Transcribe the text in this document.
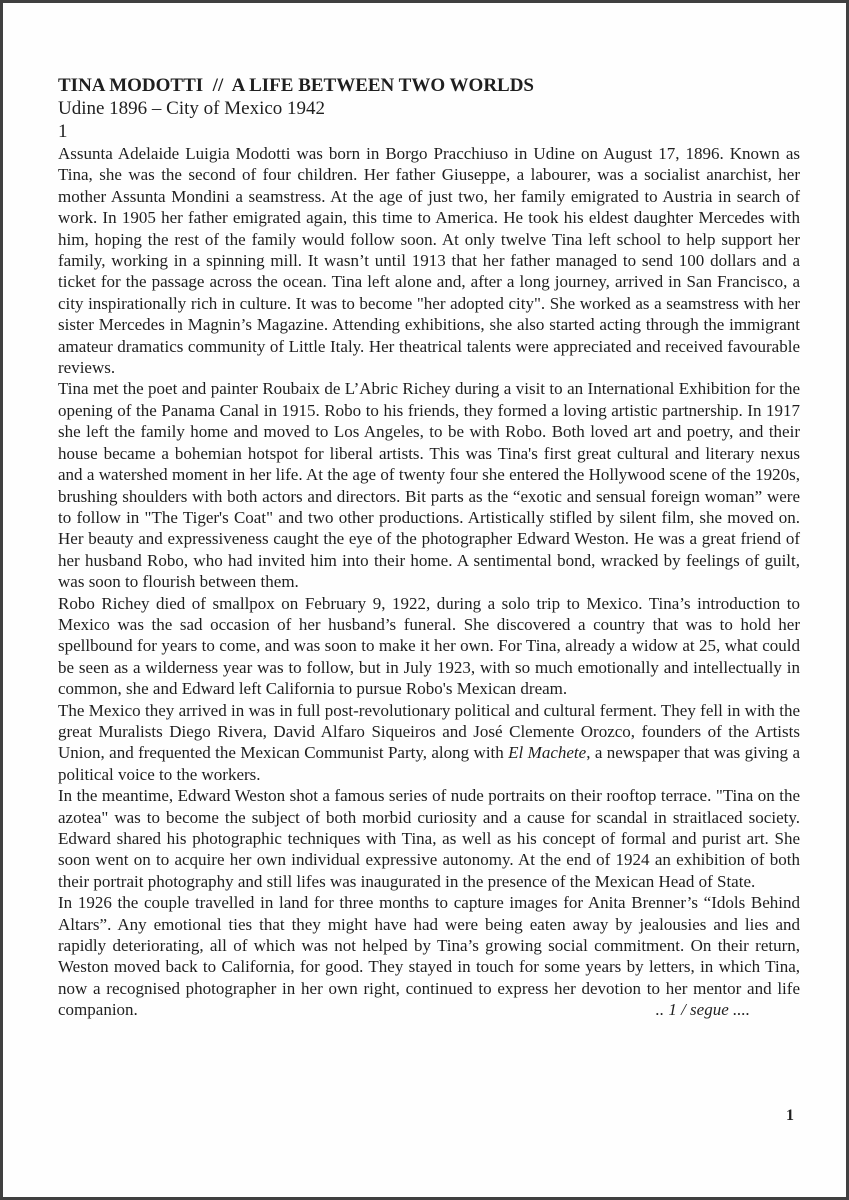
TINA MODOTTI  //  A LIFE BETWEEN TWO WORLDS
Udine 1896 – City of Mexico 1942
1

Assunta Adelaide Luigia Modotti was born in Borgo Pracchiuso in Udine on August 17, 1896. Known as Tina, she was the second of four children. Her father Giuseppe, a labourer, was a socialist anarchist, her mother Assunta Mondini a seamstress. At the age of just two, her family emigrated to Austria in search of work. In 1905 her father emigrated again, this time to America. He took his eldest daughter Mercedes with him, hoping the rest of the family would follow soon. At only twelve Tina left school to help support her family, working in a spinning mill. It wasn’t until 1913 that her father managed to send 100 dollars and a ticket for the passage across the ocean. Tina left alone and, after a long journey, arrived in San Francisco, a city inspirationally rich in culture. It was to become "her adopted city". She worked as a seamstress with her sister Mercedes in Magnin’s Magazine. Attending exhibitions, she also started acting through the immigrant amateur dramatics community of Little Italy. Her theatrical talents were appreciated and received favourable reviews.

Tina met the poet and painter Roubaix de L’Abric Richey during a visit to an International Exhibition for the opening of the Panama Canal in 1915. Robo to his friends, they formed a loving artistic partnership. In 1917 she left the family home and moved to Los Angeles, to be with Robo. Both loved art and poetry, and their house became a bohemian hotspot for liberal artists. This was Tina's first great cultural and literary nexus and a watershed moment in her life. At the age of twenty four she entered the Hollywood scene of the 1920s, brushing shoulders with both actors and directors. Bit parts as the “exotic and sensual foreign woman” were to follow in "The Tiger's Coat" and two other productions. Artistically stifled by silent film, she moved on. Her beauty and expressiveness caught the eye of the photographer Edward Weston. He was a great friend of her husband Robo, who had invited him into their home. A sentimental bond, wracked by feelings of guilt, was soon to flourish between them.

Robo Richey died of smallpox on February 9, 1922, during a solo trip to Mexico. Tina’s introduction to Mexico was the sad occasion of her husband’s funeral. She discovered a country that was to hold her spellbound for years to come, and was soon to make it her own. For Tina, already a widow at 25, what could be seen as a wilderness year was to follow, but in July 1923, with so much emotionally and intellectually in common, she and Edward left California to pursue Robo's Mexican dream.

The Mexico they arrived in was in full post-revolutionary political and cultural ferment. They fell in with the great Muralists Diego Rivera, David Alfaro Siqueiros and José Clemente Orozco, founders of the Artists Union, and frequented the Mexican Communist Party, along with El Machete, a newspaper that was giving a political voice to the workers.

In the meantime, Edward Weston shot a famous series of nude portraits on their rooftop terrace. "Tina on the azotea" was to become the subject of both morbid curiosity and a cause for scandal in straitlaced society. Edward shared his photographic techniques with Tina, as well as his concept of formal and purist art. She soon went on to acquire her own individual expressive autonomy. At the end of 1924 an exhibition of both their portrait photography and still lifes was inaugurated in the presence of the Mexican Head of State.

In 1926 the couple travelled in land for three months to capture images for Anita Brenner’s “Idols Behind Altars”. Any emotional ties that they might have had were being eaten away by jealousies and lies and rapidly deteriorating, all of which was not helped by Tina’s growing social commitment. On their return, Weston moved back to California, for good. They stayed in touch for some years by letters, in which Tina, now a recognised photographer in her own right, continued to express her devotion to her mentor and life companion.	.. 1 / segue ....

1
